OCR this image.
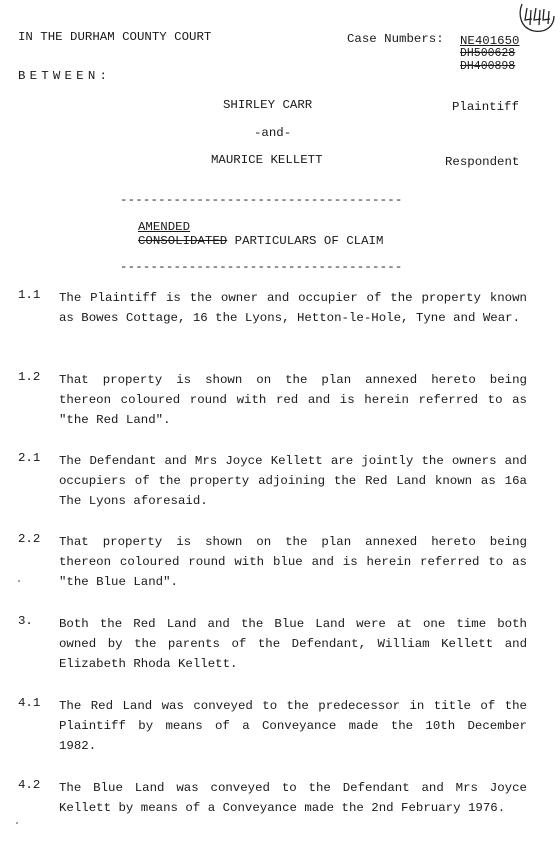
144
IN THE DURHAM COUNTY COURT	Case Numbers: NE401650
DH500628
DH400898
BETWEEN:
SHIRLEY CARR	Plaintiff
-and-
MAURICE KELLETT	Respondent
-------------------------------------
AMENDED
CONSOLIDATED PARTICULARS OF CLAIM
-------------------------------------
1.1 The Plaintiff is the owner and occupier of the property known as Bowes Cottage, 16 the Lyons, Hetton-le-Hole, Tyne and Wear.
1.2 That property is shown on the plan annexed hereto being thereon coloured round with red and is herein referred to as "the Red Land".
2.1 The Defendant and Mrs Joyce Kellett are jointly the owners and occupiers of the property adjoining the Red Land known as 16a The Lyons aforesaid.
2.2 That property is shown on the plan annexed hereto being thereon coloured round with blue and is herein referred to as "the Blue Land".
3. Both the Red Land and the Blue Land were at one time both owned by the parents of the Defendant, William Kellett and Elizabeth Rhoda Kellett.
4.1 The Red Land was conveyed to the predecessor in title of the Plaintiff by means of a Conveyance made the 10th December 1982.
4.2 The Blue Land was conveyed to the Defendant and Mrs Joyce Kellett by means of a Conveyance made the 2nd February 1976.
